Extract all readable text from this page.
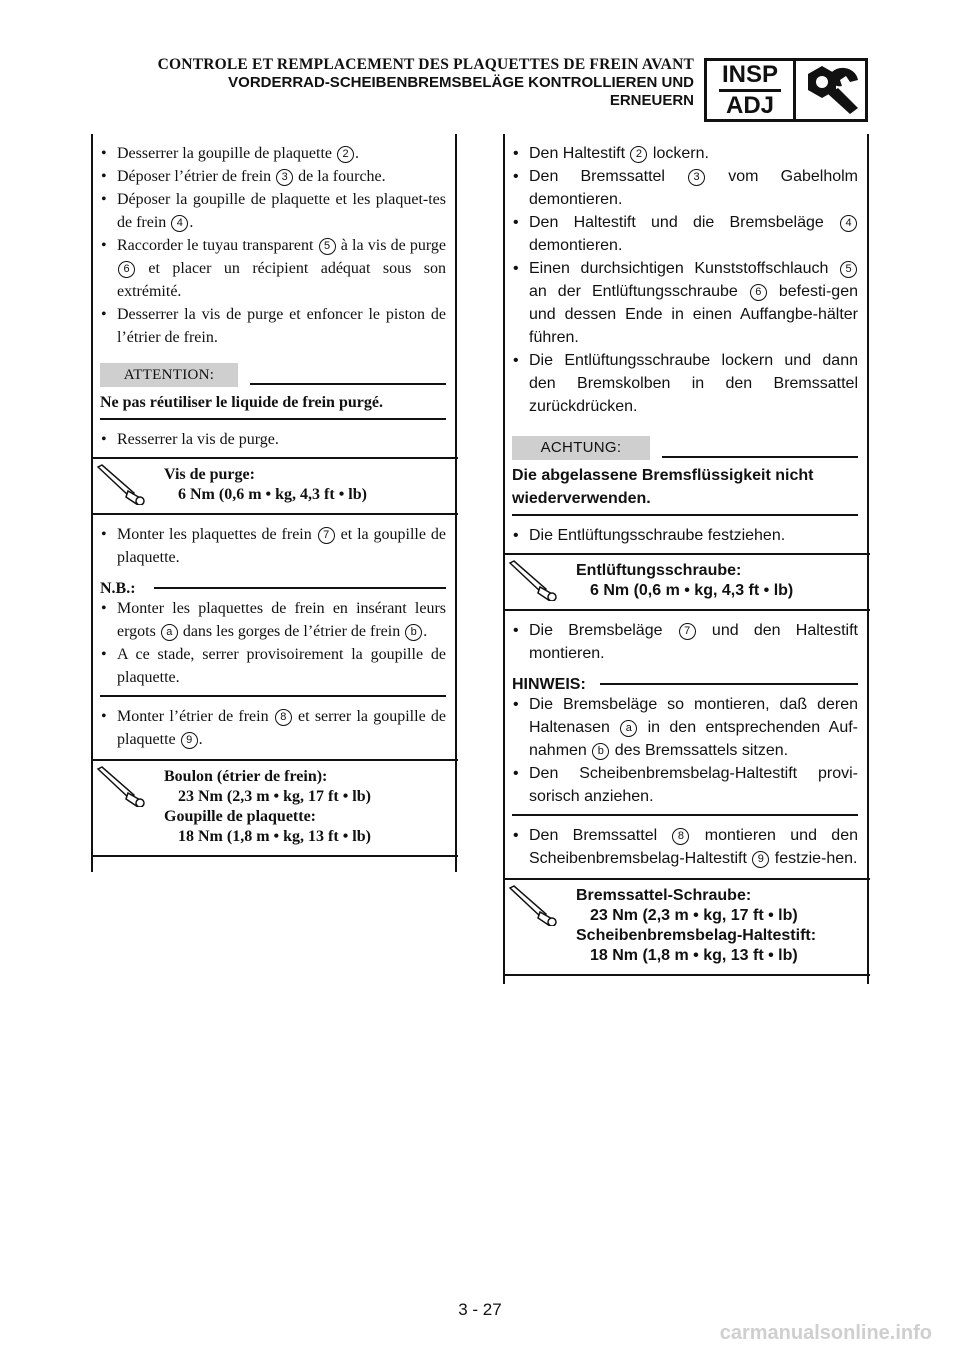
CONTROLE ET REMPLACEMENT DES PLAQUETTES DE FREIN AVANT
VORDERRAD-SCHEIBENBREMSBELÄGE KONTROLLIEREN UND
ERNEUERN
INSP
ADJ
• Desserrer la goupille de plaquette 2 .
• Déposer l’étrier de frein 3 de la fourche.
• Déposer la goupille de plaquette et les plaquet-tes de frein 4 .
• Raccorder le tuyau transparent 5 à la vis de purge 6 et placer un récipient adéquat sous son extrémité.
• Desserrer la vis de purge et enfoncer le piston de l’étrier de frein.
ATTENTION:
Ne pas réutiliser le liquide de frein purgé.
• Resserrer la vis de purge.
Vis de purge:
6 Nm (0,6 m • kg, 4,3 ft • lb)
• Monter les plaquettes de frein 7 et la goupille de plaquette.
N.B.:
• Monter les plaquettes de frein en insérant leurs ergots a dans les gorges de l’étrier de frein b .
• A ce stade, serrer provisoirement la goupille de plaquette.
• Monter l’étrier de frein 8 et serrer la goupille de plaquette 9 .
Boulon (étrier de frein):
23 Nm (2,3 m • kg, 17 ft • lb)
Goupille de plaquette:
18 Nm (1,8 m • kg, 13 ft • lb)
• Den Haltestift 2 lockern.
• Den Bremssattel 3 vom Gabelholm demontieren.
• Den Haltestift und die Bremsbeläge 4 demontieren.
• Einen durchsichtigen Kunststoffschlauch 5 an der Entlüftungsschraube 6 befesti-gen und dessen Ende in einen Auffangbe-hälter führen.
• Die Entlüftungsschraube lockern und dann den Bremskolben in den Bremssattel zurückdrücken.
ACHTUNG:
Die abgelassene Bremsflüssigkeit nicht wiederverwenden.
• Die Entlüftungsschraube festziehen.
Entlüftungsschraube:
6 Nm (0,6 m • kg, 4,3 ft • lb)
• Die Bremsbeläge 7 und den Haltestift montieren.
HINWEIS:
• Die Bremsbeläge so montieren, daß deren Haltenasen a in den entsprechenden Auf-nahmen b des Bremssattels sitzen.
• Den Scheibenbremsbelag-Haltestift provi-sorisch anziehen.
• Den Bremssattel 8 montieren und den Scheibenbremsbelag-Haltestift 9 festzie-hen.
Bremssattel-Schraube:
23 Nm (2,3 m • kg, 17 ft • lb)
Scheibenbremsbelag-Haltestift:
18 Nm (1,8 m • kg, 13 ft • lb)
3 - 27
carmanualsonline.info
